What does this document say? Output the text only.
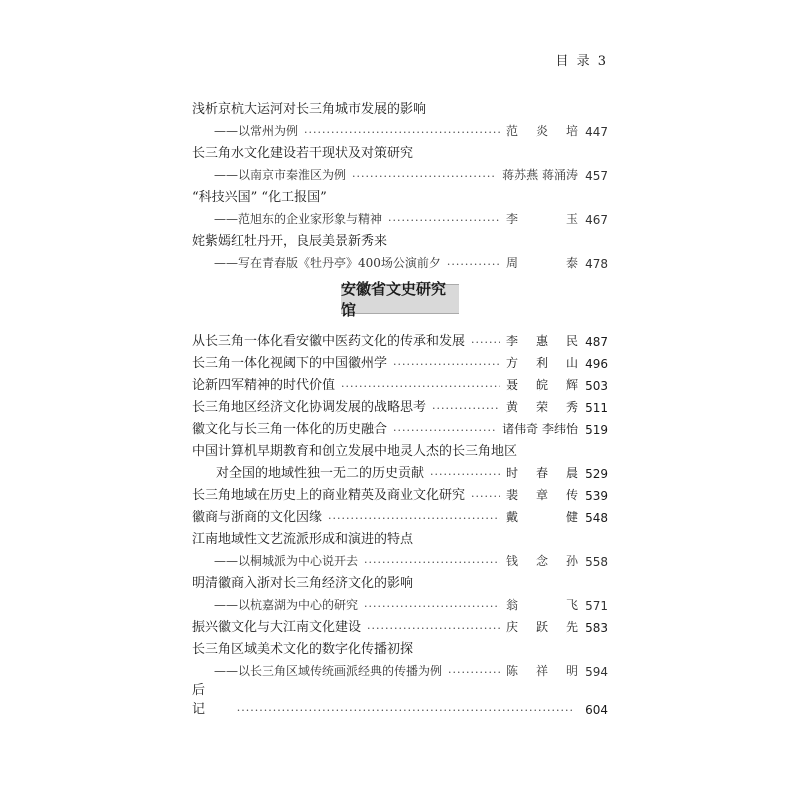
目 录 3
浅析京杭大运河对长三角城市发展的影响
——以常州为例 ·····	范炎培 447
长三角水文化建设若干现状及对策研究
——以南京市秦淮区为例 ·····	蒋苏燕 蒋涌涛 457
“科技兴国” “化工报国”
——范旭东的企业家形象与精神 ·····	李 玉 467
姹紫嫣红牡丹开，良辰美景新秀来
——写在青春版《牡丹亭》400场公演前夕 ·····	周 泰 478
安徽省文史研究馆
从长三角一体化看安徽中医药文化的传承和发展 ·····	李惠民 487
长三角一体化视阈下的中国徽州学 ·····	方利山 496
论新四军精神的时代价值 ·····	聂皖辉 503
长三角地区经济文化协调发展的战略思考 ·····	黄荣秀 511
徽文化与长三角一体化的历史融合 ·····	诸伟奇 李纬怡 519
中国计算机早期教育和创立发展中地灵人杰的长三角地区
对全国的地域性独一无二的历史贡献 ·····	时春晨 529
长三角地域在历史上的商业精英及商业文化研究 ·····	裴章传 539
徽商与浙商的文化因缘 ·····	戴 健 548
江南地域性文艺流派形成和演进的特点
——以桐城派为中心说开去 ·····	钱念孙 558
明清徽商入浙对长三角经济文化的影响
——以杭嘉湖为中心的研究 ·····	翁 飞 571
振兴徽文化与大江南文化建设 ·····	庆跃先 583
长三角区域美术文化的数字化传播初探
——以长三角区域传统画派经典的传播为例 ·····	陈祥明 594
后 记 ·····	604
